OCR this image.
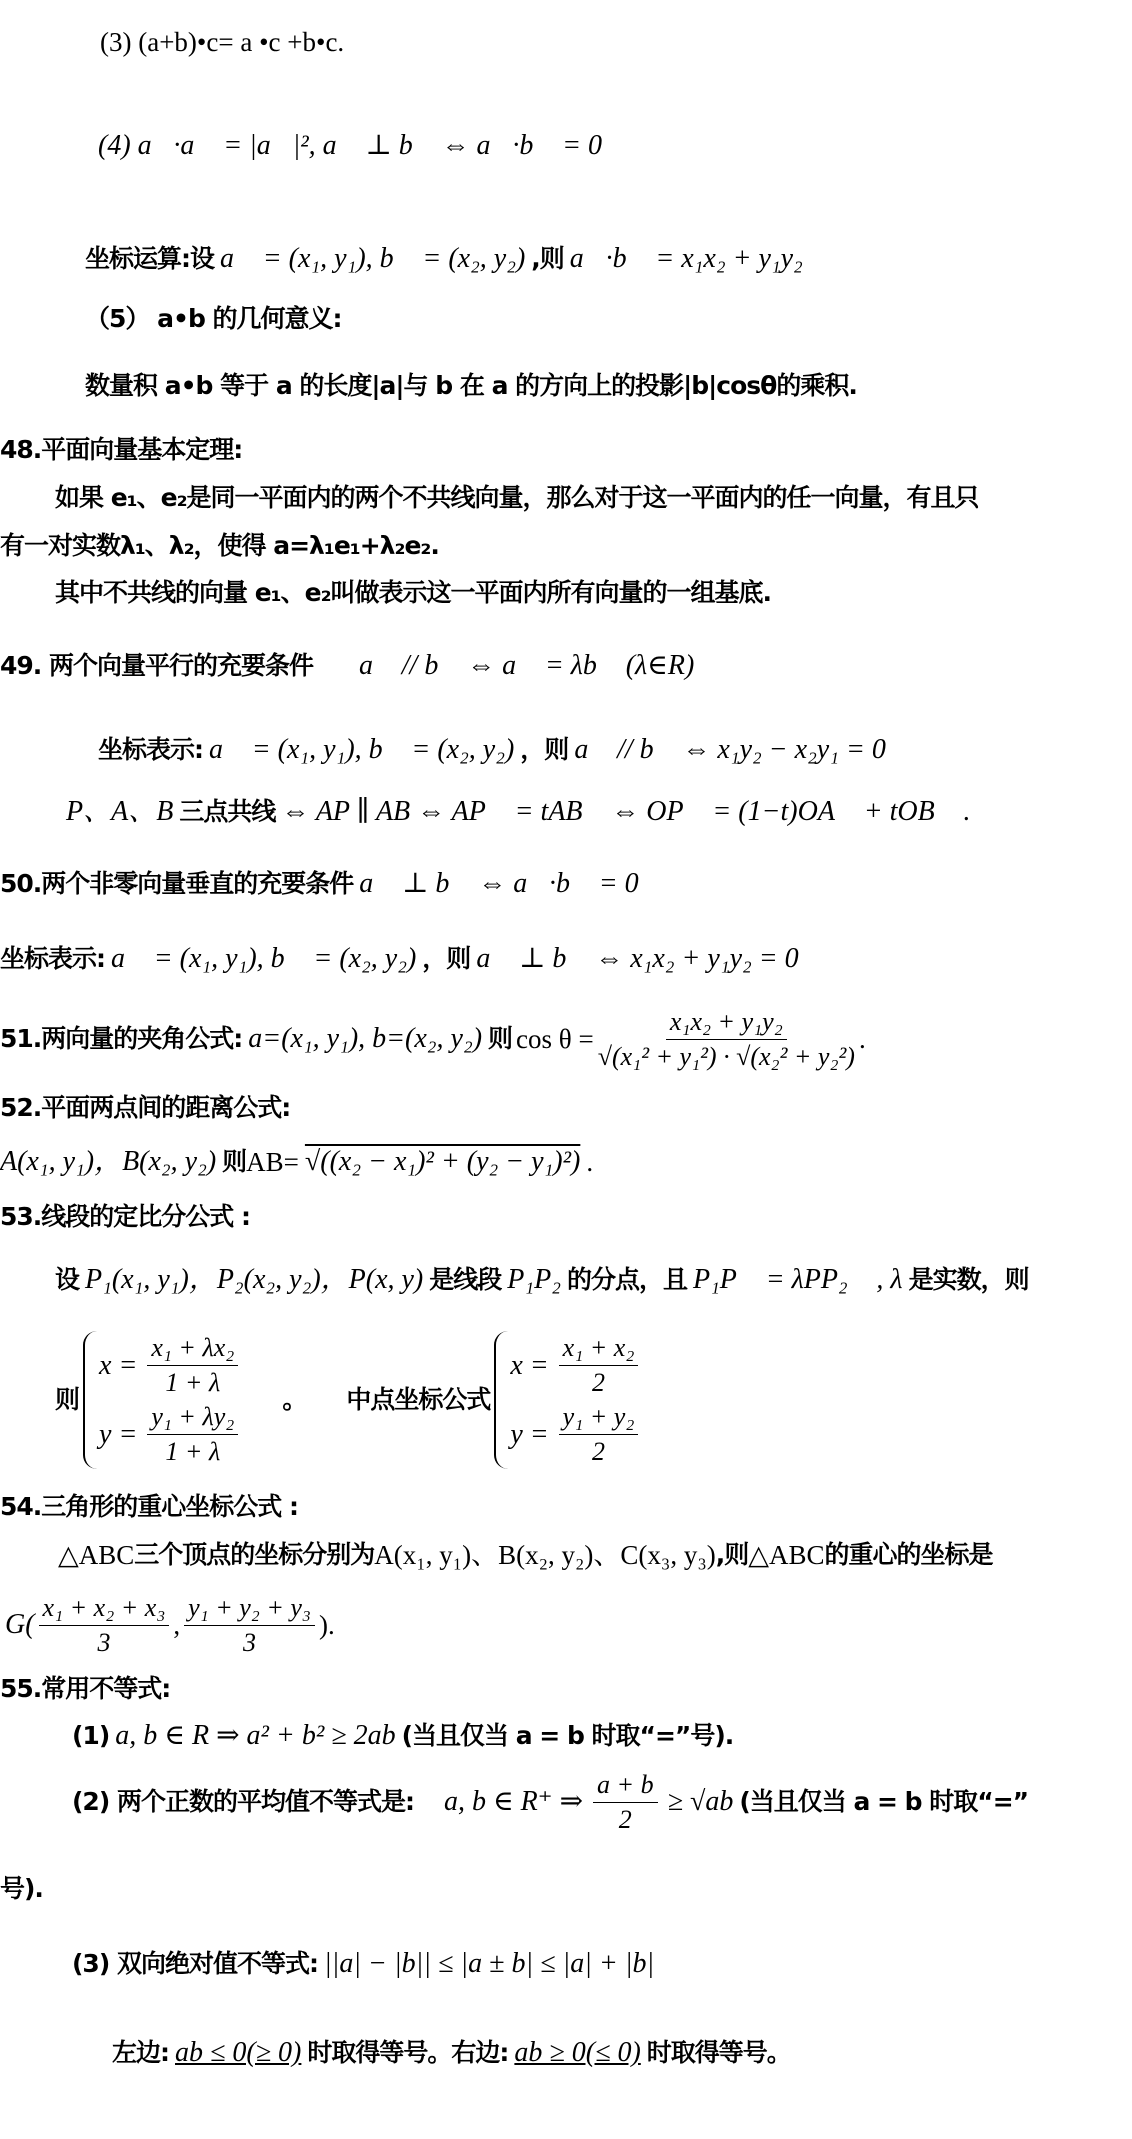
(3) (a+b)•c= a •c +b•c.
(4) a⃗·a⃗ = |a⃗|², a⃗ ⊥ b⃗ ⇔ a⃗·b⃗ = 0
坐标运算:设 a⃗ = (x₁, y₁), b⃗ = (x₂, y₂) ,则 a⃗·b⃗ = x₁x₂ + y₁y₂
（5） a•b 的几何意义:
数量积 a•b 等于 a 的长度|a|与 b 在 a 的方向上的投影|b|cosθ的乘积.
48.平面向量基本定理:
如果 e₁、e₂是同一平面内的两个不共线向量，那么对于这一平面内的任一向量，有且只
有一对实数λ₁、λ₂，使得 a=λ₁e₁+λ₂e₂.
其中不共线的向量 e₁、e₂叫做表示这一平面内所有向量的一组基底.
49. 两个向量平行的充要条件 a⃗ // b⃗ ⇔ a⃗ = λb⃗ (λ∈R)
坐标表示: a⃗ = (x₁, y₁), b⃗ = (x₂, y₂) ，则 a⃗ // b⃗ ⇔ x₁y₂ − x₂y₁ = 0
P、A、B 三点共线 ⇔ AP ∥ AB ⇔ AP⃗ = tAB⃗ ⇔ OP⃗ = (1−t)OA⃗ + tOB⃗ .
50.两个非零向量垂直的充要条件 a⃗ ⊥ b⃗ ⇔ a⃗·b⃗ = 0
坐标表示: a⃗ = (x₁, y₁), b⃗ = (x₂, y₂) ，则 a⃗ ⊥ b⃗ ⇔ x₁x₂ + y₁y₂ = 0
51.两向量的夹角公式: a=(x₁, y₁), b=(x₂, y₂) 则 $\cos \theta = \frac{\text{x₁x₂ + y₁y₂}}{\text{√(x₁² + y₁²) · √(x₂² + y₂²)}}$ .
52.平面两点间的距离公式:
A(x₁, y₁)，B(x₂, y₂) 则 AB= √((x₂ − x₁)² + (y₂ − y₁)²) .
53.线段的定比分公式 :
设 P₁(x₁, y₁)，P₂(x₂, y₂)，P(x, y) 是线段 P₁P₂ 的分点，且 P₁P⃗ = λPP₂⃗ , λ 是实数，则
则
$x = \frac{\text{x₁ + λx₂}}{1 + \lambda}$
$y = \frac{\text{y₁ + λy₂}}{1 + \lambda}$
。 中点坐标公式
$x = \frac{\text{x₁ + x₂}}{2}$
$y = \frac{\text{y₁ + y₂}}{2}$
54.三角形的重心坐标公式 :
△ABC 三个顶点的坐标分别为 A(x₁, y₁)、B(x₂, y₂)、C(x₃, y₃) ,则 △ABC 的重心的坐标是
G(
x₁ + x₂ + x₃
3
,
y₁ + y₂ + y₃
3
).
55.常用不等式:
(1) a, b ∈ R ⇒ a² + b² ≥ 2ab (当且仅当 a = b 时取“=”号).
(2) 两个正数的平均值不等式是: a, b ∈ R⁺ ⇒ $\frac{a + b}{2} \ge √ab$ (当且仅当 a = b 时取“=”
号).
(3) 双向绝对值不等式: ||a| − |b|| ≤ |a ± b| ≤ |a| + |b|
左边: ab ≤ 0(≥ 0) 时取得等号。右边: ab ≥ 0(≤ 0) 时取得等号。
